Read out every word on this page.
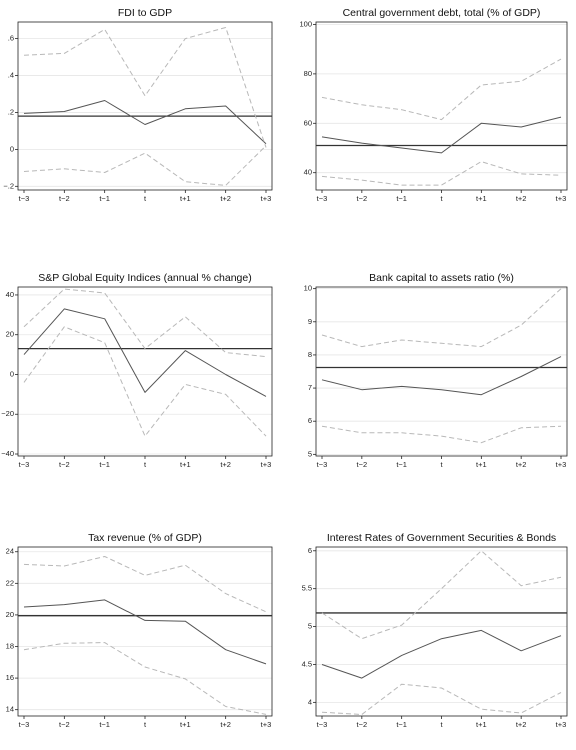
FDI to GDP
−.2
0
.2
.4
.6
t−3	t−2	t−1	t	t+1	t+2	t+3
Central government debt, total (% of GDP)
40
60
80
100
t−3	t−2	t−1	t	t+1	t+2	t+3
S&P Global Equity Indices (annual % change)
−40
−20
0
20
40
t−3	t−2	t−1	t	t+1	t+2	t+3
Bank capital to assets ratio (%)
5
6
7
8
9
10
t−3	t−2	t−1	t	t+1	t+2	t+3
Tax revenue (% of GDP)
14
16
18
20
22
24
t−3	t−2	t−1	t	t+1	t+2	t+3
Interest Rates of Government Securities & Bonds
4
4.5
5
5.5
6
t−3	t−2	t−1	t	t+1	t+2	t+3
